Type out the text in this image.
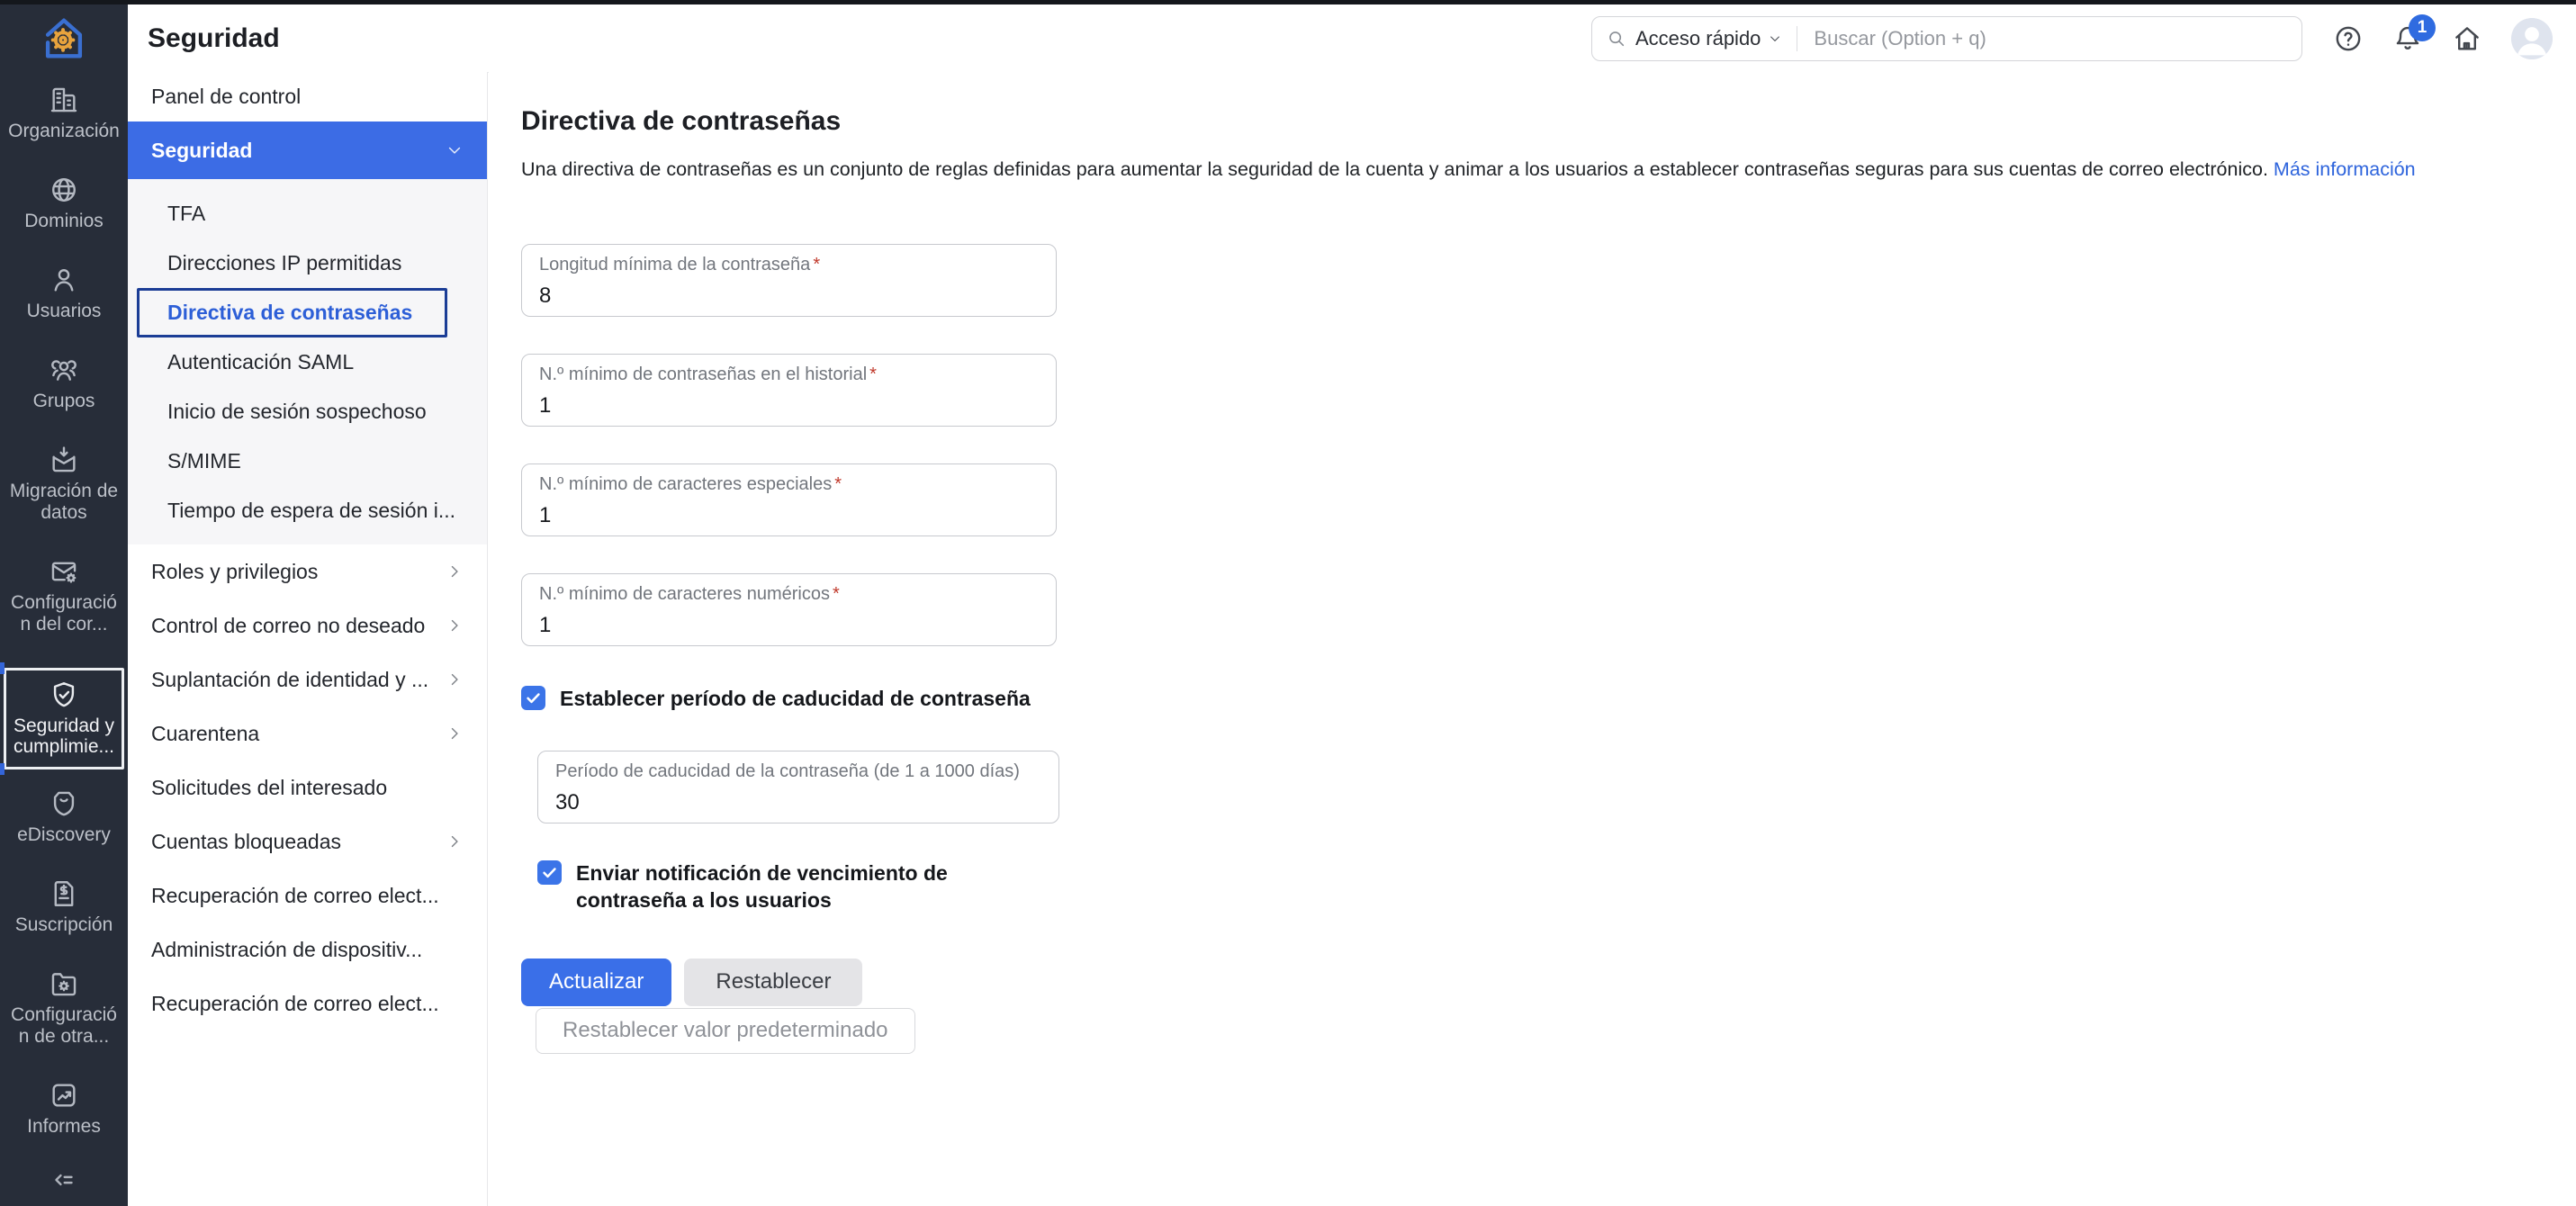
Organización
Dominios
Usuarios
Grupos
Migración de datos
Configuración del cor...
Seguridad y cumplimie...
eDiscovery
Suscripción
Configuración de otra...
Informes
Seguridad	Acceso rápido
Buscar (Option + q)	1
Panel de control
Seguridad
TFA
Direcciones IP permitidas
Directiva de contraseñas
Autenticación SAML
Inicio de sesión sospechoso
S/MIME
Tiempo de espera de sesión i...
Roles y privilegios
Control de correo no deseado
Suplantación de identidad y ...
Cuarentena
Solicitudes del interesado
Cuentas bloqueadas
Recuperación de correo elect...
Administración de dispositiv...
Recuperación de correo elect...
Directiva de contraseñas
Una directiva de contraseñas es un conjunto de reglas definidas para aumentar la seguridad de la cuenta y animar a los usuarios a establecer contraseñas seguras para sus cuentas de correo electrónico. Más información
Longitud mínima de la contraseña *
8
N.º mínimo de contraseñas en el historial *
1
N.º mínimo de caracteres especiales *
1
N.º mínimo de caracteres numéricos *
1
Establecer período de caducidad de contraseña
Período de caducidad de la contraseña (de 1 a 1000 días)
30
Enviar notificación de vencimiento de contraseña a los usuarios
Actualizar	Restablecer
Restablecer valor predeterminado
